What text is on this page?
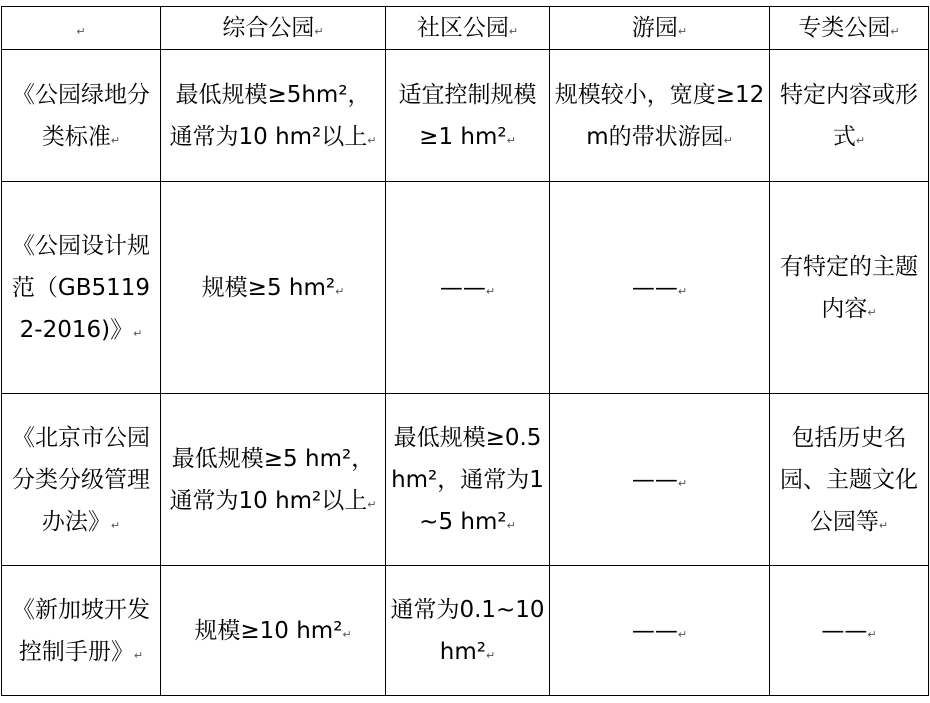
↵	综合公园↵	社区公园↵	游园↵	专类公园↵
《公园绿地分类标准↵	最低规模≥5hm²，通常为10 hm²以上↵	适宜控制规模≥1 hm²↵	规模较小，宽度≥12m的带状游园↵	特定内容或形式↵
《公园设计规范（GB51192-2016)》↵	规模≥5 hm²↵	——↵	——↵	有特定的主题内容↵
《北京市公园分类分级管理办法》↵	最低规模≥5 hm²，通常为10 hm²以上↵	最低规模≥0.5 hm²，通常为1~5 hm²↵	——↵	包括历史名园、主题文化公园等↵
《新加坡开发控制手册》↵	规模≥10 hm²↵	通常为0.1~10 hm²↵	——↵	——↵
